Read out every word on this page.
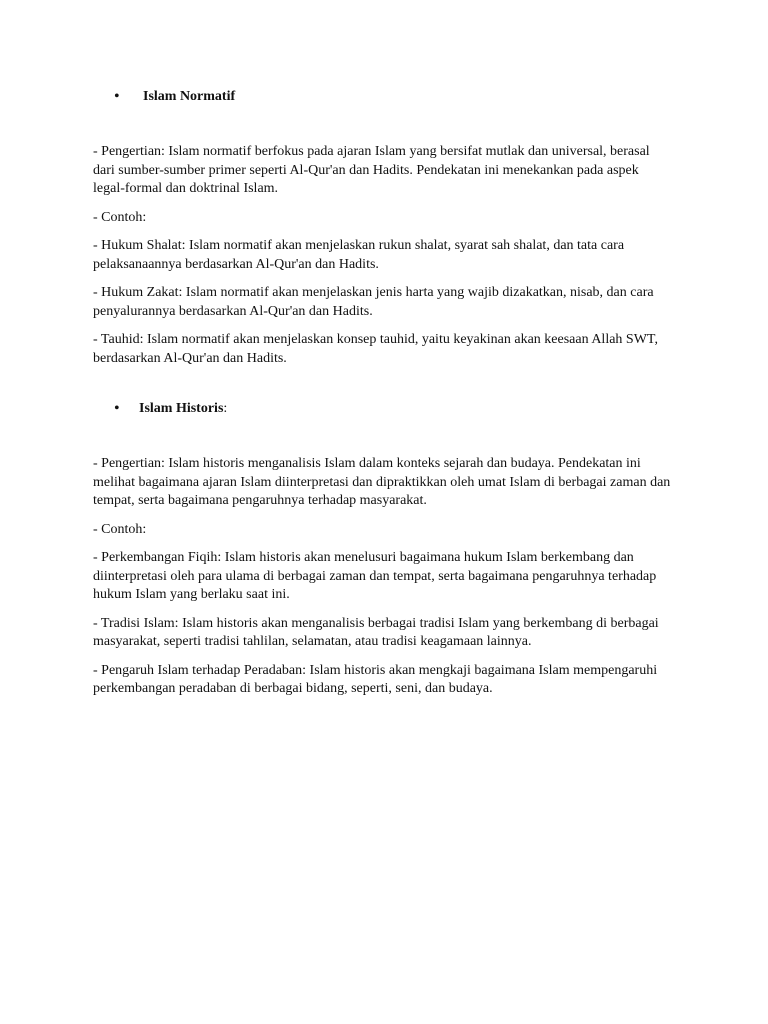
• Islam Normatif

- Pengertian: Islam normatif berfokus pada ajaran Islam yang bersifat mutlak dan universal, berasal dari sumber-sumber primer seperti Al-Qur'an dan Hadits. Pendekatan ini menekankan pada aspek legal-formal dan doktrinal Islam.

- Contoh:

- Hukum Shalat: Islam normatif akan menjelaskan rukun shalat, syarat sah shalat, dan tata cara pelaksanaannya berdasarkan Al-Qur'an dan Hadits.

- Hukum Zakat: Islam normatif akan menjelaskan jenis harta yang wajib dizakatkan, nisab, dan cara penyalurannya berdasarkan Al-Qur'an dan Hadits.

- Tauhid: Islam normatif akan menjelaskan konsep tauhid, yaitu keyakinan akan keesaan Allah SWT, berdasarkan Al-Qur'an dan Hadits.

• Islam Historis:

- Pengertian: Islam historis menganalisis Islam dalam konteks sejarah dan budaya. Pendekatan ini melihat bagaimana ajaran Islam diinterpretasi dan dipraktikkan oleh umat Islam di berbagai zaman dan tempat, serta bagaimana pengaruhnya terhadap masyarakat.

- Contoh:

- Perkembangan Fiqih: Islam historis akan menelusuri bagaimana hukum Islam berkembang dan diinterpretasi oleh para ulama di berbagai zaman dan tempat, serta bagaimana pengaruhnya terhadap hukum Islam yang berlaku saat ini.

- Tradisi Islam: Islam historis akan menganalisis berbagai tradisi Islam yang berkembang di berbagai masyarakat, seperti tradisi tahlilan, selamatan, atau tradisi keagamaan lainnya.

- Pengaruh Islam terhadap Peradaban: Islam historis akan mengkaji bagaimana Islam mempengaruhi perkembangan peradaban di berbagai bidang, seperti, seni, dan budaya.
